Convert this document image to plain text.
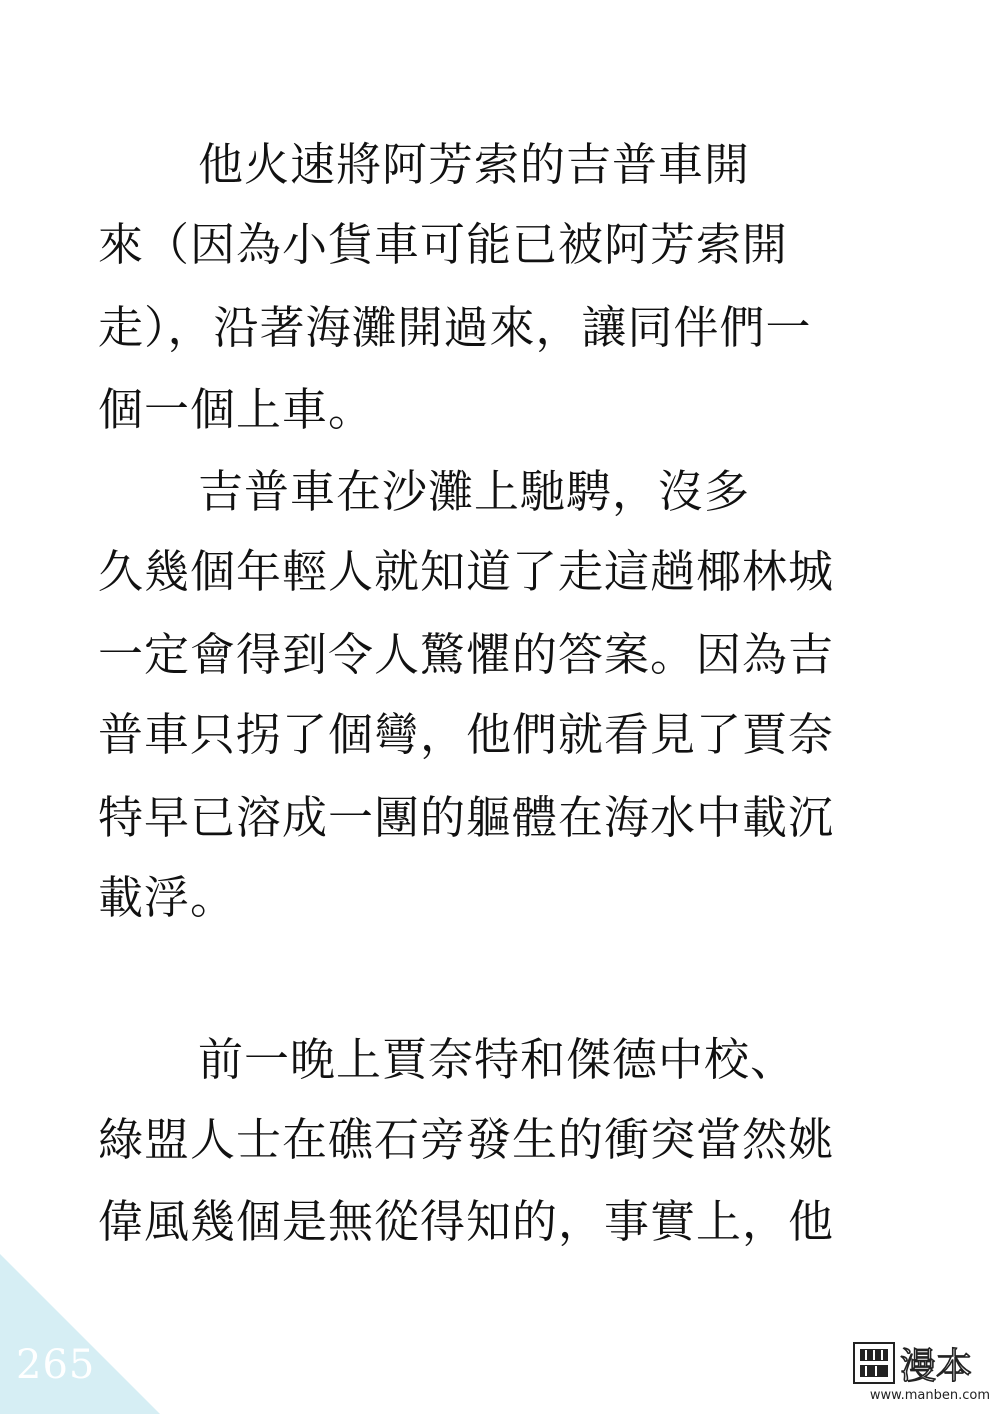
他火速將阿芳索的吉普車開
來（因為小貨車可能已被阿芳索開
走），沿著海灘開過來，讓同伴們一
個一個上車。
吉普車在沙灘上馳騁，沒多
久幾個年輕人就知道了走這趟椰林城
一定會得到令人驚懼的答案。因為吉
普車只拐了個彎，他們就看見了賈奈
特早已溶成一團的軀體在海水中載沉
載浮。
前一晚上賈奈特和傑德中校、
綠盟人士在礁石旁發生的衝突當然姚
偉風幾個是無從得知的，事實上，他
265	漫本
www.manben.com
